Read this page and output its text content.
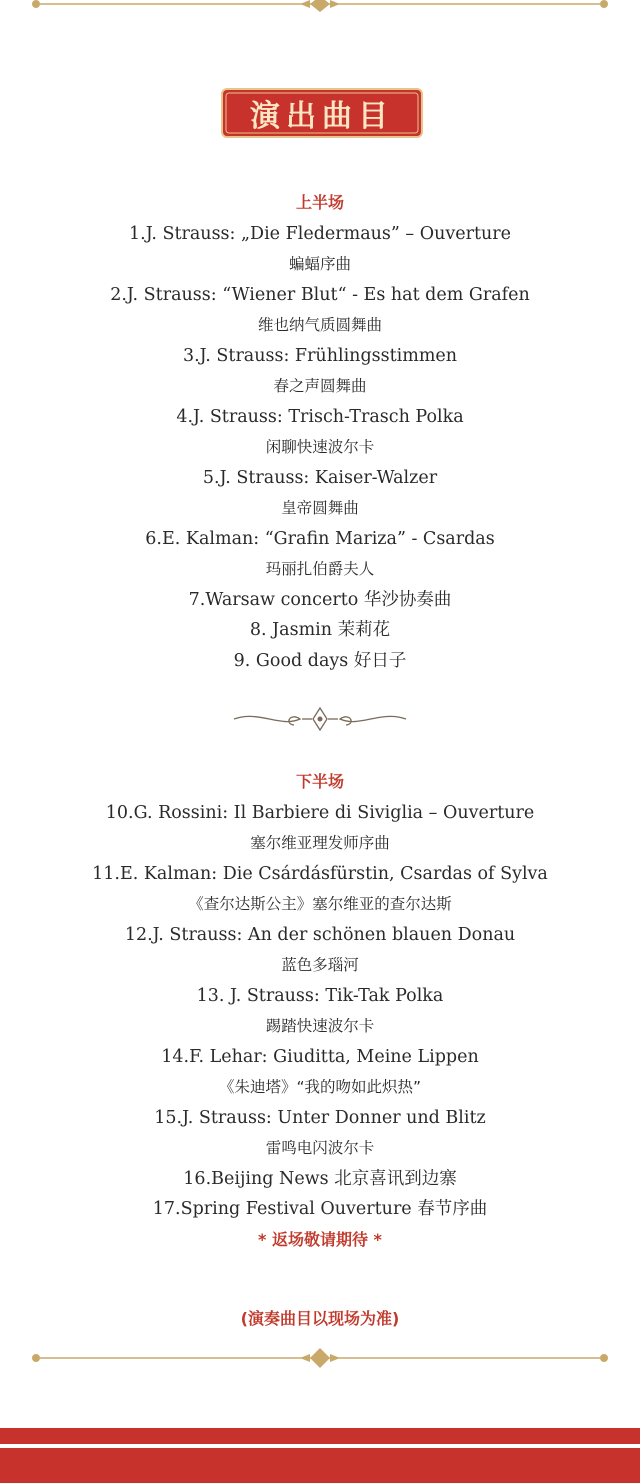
演出曲目
上半场
1.J. Strauss: „Die Fledermaus” – Ouverture
蝙蝠序曲
2.J. Strauss: “Wiener Blut“ - Es hat dem Grafen
维也纳气质圆舞曲
3.J. Strauss: Frühlingsstimmen
春之声圆舞曲
4.J. Strauss: Trisch-Trasch Polka
闲聊快速波尔卡
5.J. Strauss: Kaiser-Walzer
皇帝圆舞曲
6.E. Kalman: “Grafin Mariza” - Csardas
玛丽扎伯爵夫人
7.Warsaw concerto 华沙协奏曲
8. Jasmin 茉莉花
9. Good days 好日子
下半场
10.G. Rossini: Il Barbiere di Siviglia – Ouverture
塞尔维亚理发师序曲
11.E. Kalman: Die Csárdásfürstin, Csardas of Sylva
《查尔达斯公主》塞尔维亚的查尔达斯
12.J. Strauss: An der schönen blauen Donau
蓝色多瑙河
13. J. Strauss: Tik-Tak Polka
踢踏快速波尔卡
14.F. Lehar: Giuditta, Meine Lippen
《朱迪塔》“我的吻如此炽热”
15.J. Strauss: Unter Donner und Blitz
雷鸣电闪波尔卡
16.Beijing News 北京喜讯到边寨
17.Spring Festival Ouverture 春节序曲
* 返场敬请期待 *
(演奏曲目以现场为准)
